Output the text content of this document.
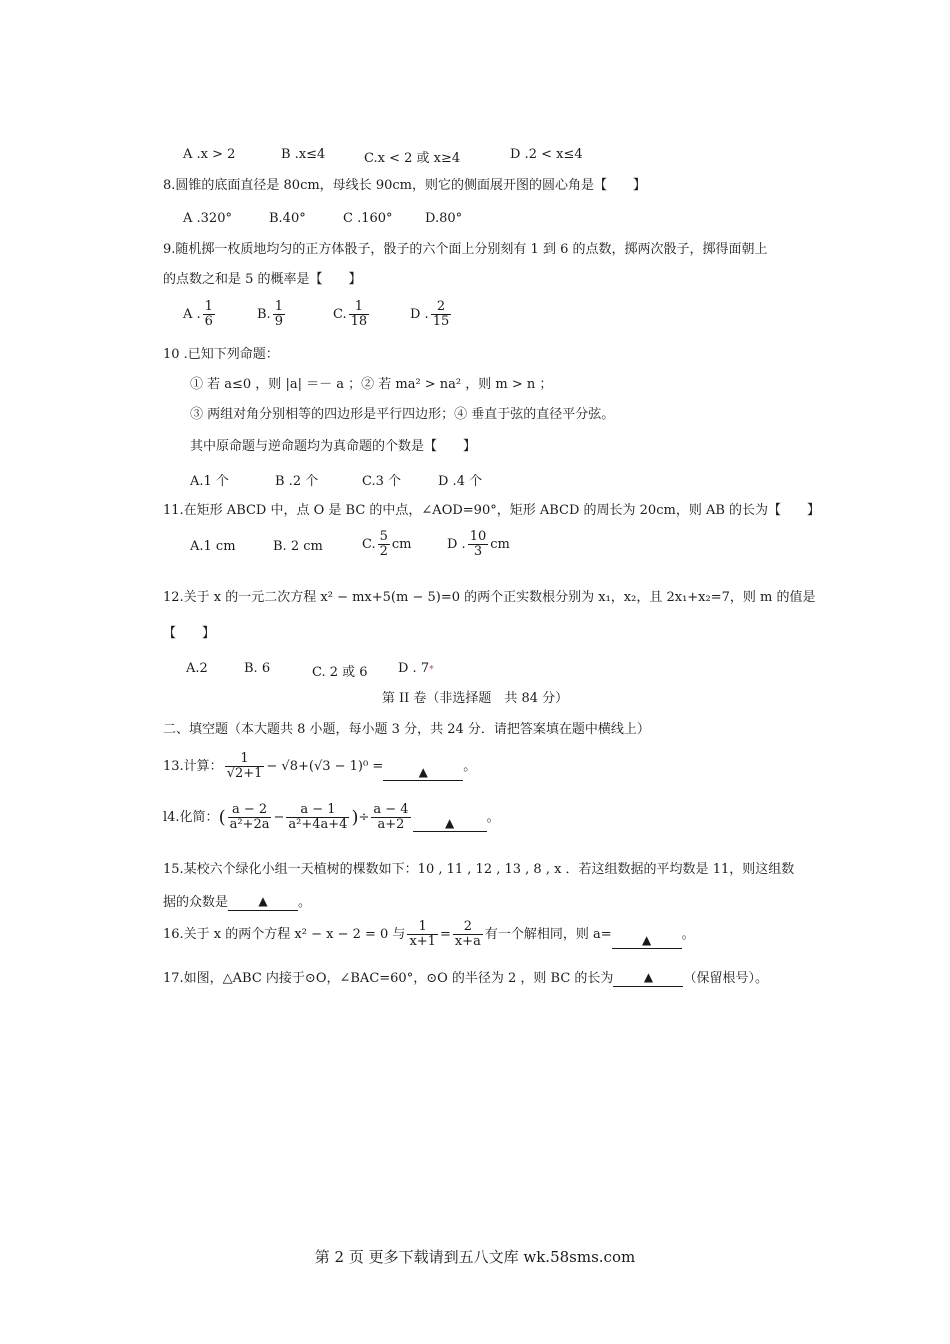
A .x > 2	B .x≤4	C.x < 2 或 x≥4	D .2 < x≤4
8.圆锥的底面直径是 80cm，母线长 90cm，则它的侧面展开图的圆心角是【　　】
A .320°	B.40°	C .160° D.80°
9.随机掷一枚质地均匀的正方体骰子，骰子的六个面上分别刻有 1 到 6 的点数，掷两次骰子，掷得面朝上
的点数之和是 5 的概率是【　　】
A . $\frac{1}{6}$	B. $\frac{1}{9}$	C. $\frac{1}{18}$	D . $\frac{2}{15}$
10 .已知下列命题：
① 若 a≤0 ，则 |a| ＝－ a ；② 若 ma² > na² ，则 m > n ；
③ 两组对角分别相等的四边形是平行四边形；④ 垂直于弦的直径平分弦。
其中原命题与逆命题均为真命题的个数是【　　】
A.1 个	B .2 个	C.3 个	D .4 个
11.在矩形 ABCD 中，点 O 是 BC 的中点，∠AOD=90°，矩形 ABCD 的周长为 20cm，则 AB 的长为【　　】
A.1 cm	B. 2 cm	C. $\frac{5}{2}$ cm	D . $\frac{10}{3}$ cm
12.关于 x 的一元二次方程 x² − mx+5(m − 5)=0 的两个正实数根分别为 x₁，x₂，且 2x₁+x₂=7，则 m 的值是
【　　】
A.2	B. 6	C. 2 或 6 D . 7*
第 II 卷（非选择题　共 84 分）
二、填空题（本大题共 8 小题，每小题 3 分，共 24 分．请把答案填在题中横线上）
13.计算： $\frac{1}{√2+1} - √8+(√3 - 1)^0$ =	▲	。
l4.化简：( $\frac{a - 2}{\text{a²+2a}} - \frac{a - 1}{\text{a²+4a+4}}$ )÷ $\frac{a - 4}{a+2}$	▲ 。
15.某校六个绿化小组一天植树的棵数如下：10 , 11 , 12 , 13 , 8 , x ．若这组数据的平均数是 11，则这组数
据的众数是	▲ 。
16.关于 x 的两个方程 x² − x − 2 = 0 与 $\frac{1}{x+1} = \frac{2}{x+a}$ 有一个解相同，则 a=	▲ 。
17.如图，△ABC 内接于⊙O，∠BAC=60°，⊙O 的半径为 2 ，则 BC 的长为	▲ （保留根号）。
第 2 页 更多下载请到五八文库 wk.58sms.com
